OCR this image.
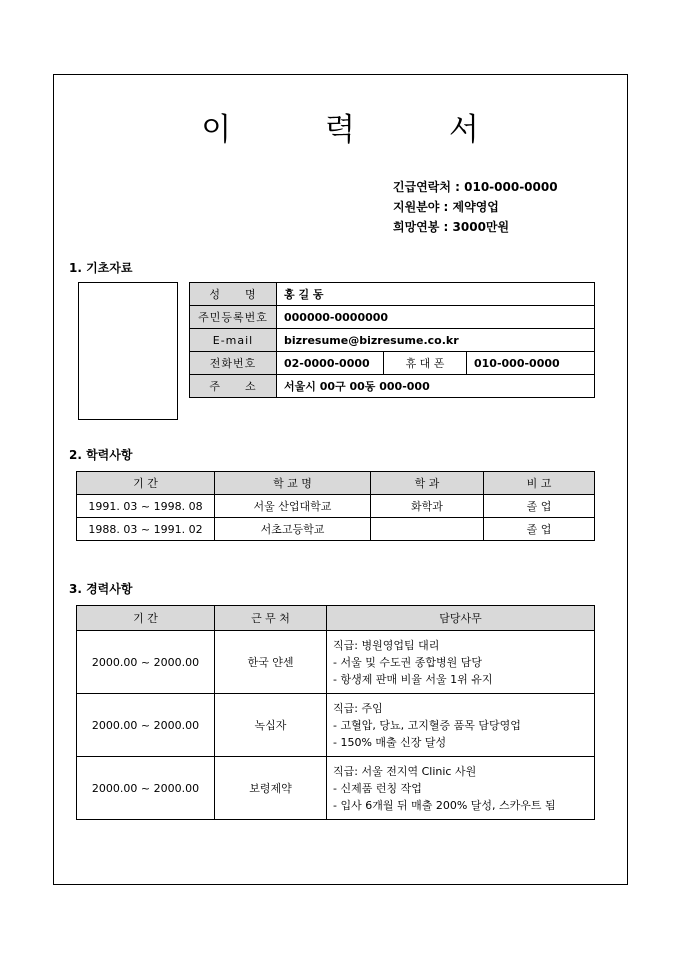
이 력 서
긴급연락처 : 010-000-0000
지원분야 : 제약영업
희망연봉 : 3000만원
1. 기초자료
성　　명	홍 길 동		
주민등록번호	000000-0000000		
E-mail	bizresume@bizresume.co.kr		
전화번호	02-0000-0000	휴 대 폰	010-000-0000
주　　소	서울시 00구 00동 000-000		
2. 학력사항
기 간	학 교 명	학 과	비 고
1991. 03 ~ 1998. 08	서울 산업대학교	화학과	졸 업
1988. 03 ~ 1991. 02	서초고등학교		졸 업
3. 경력사항
기 간	근 무 처	담당사무
2000.00 ~ 2000.00	한국 얀센	직급: 병원영업팀 대리
- 서울 및 수도권 종합병원 담당
- 항생제 판매 비율 서울 1위 유지

2000.00 ~ 2000.00	녹십자	직급: 주임
- 고혈압, 당뇨, 고지혈증 품목 담당영업
- 150% 매출 신장 달성

2000.00 ~ 2000.00	보령제약	직급: 서울 전지역 Clinic 사원
- 신제품 런칭 작업
- 입사 6개월 뒤 매출 200% 달성, 스카우트 됨
